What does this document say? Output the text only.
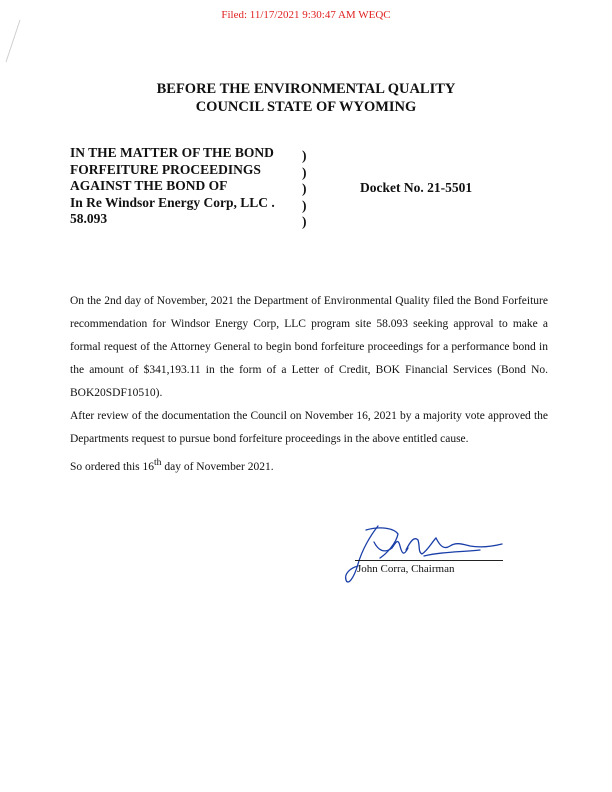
Filed: 11/17/2021 9:30:47 AM WEQC
BEFORE THE ENVIRONMENTAL QUALITY
COUNCIL STATE OF WYOMING
IN THE MATTER OF THE BOND
FORFEITURE PROCEEDINGS
AGAINST THE BOND OF
In Re Windsor Energy Corp, LLC .
58.093
)
)
)
)
)
Docket No. 21-5501

On the 2nd day of November, 2021 the Department of Environmental Quality filed the Bond Forfeiture recommendation for Windsor Energy Corp, LLC program site 58.093 seeking approval to make a formal request of the Attorney General to begin bond forfeiture proceedings for a performance bond in the amount of $341,193.11 in the form of a Letter of Credit, BOK Financial Services (Bond No. BOK20SDF10510).

After review of the documentation the Council on November 16, 2021 by a majority vote approved the Departments request to pursue bond forfeiture proceedings in the above entitled cause.

So ordered this 16th day of November 2021.

John Corra, Chairman
